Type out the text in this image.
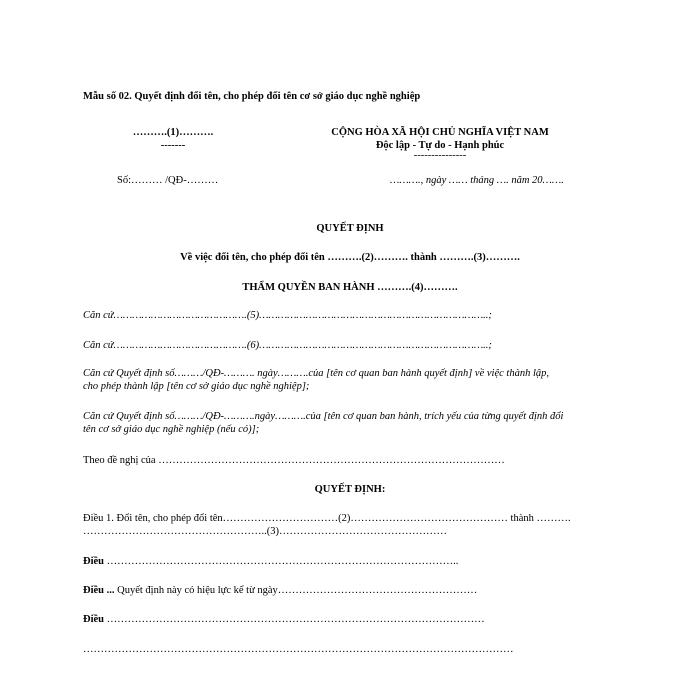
Mẫu số 02. Quyết định đổi tên, cho phép đổi tên cơ sở giáo dục nghề nghiệp
……….(1)……….
-------
CỘNG HÒA XÃ HỘI CHỦ NGHĨA VIỆT NAM
Độc lập - Tự do - Hạnh phúc
---------------
Số:……… /QĐ-………	………., ngày …… tháng …. năm 20…….
QUYẾT ĐỊNH
Về việc đổi tên, cho phép đổi tên ……….(2)………. thành ……….(3)……….
THẨM QUYỀN BAN HÀNH ……….(4)……….
Căn cứ…………………………………….(5)………………………………………………………………..;
Căn cứ…………………………………….(6)………………………………………………………………..;
Căn cứ Quyết định số………/QĐ-………. ngày……….của [tên cơ quan ban hành quyết định] về việc thành lập,
cho phép thành lập [tên cơ sở giáo dục nghề nghiệp];
Căn cứ Quyết định số………/QĐ-……….ngày……….của [tên cơ quan ban hành, trích yếu của từng quyết định đổi
tên cơ sở giáo dục nghề nghiệp (nếu có)];
Theo đề nghị của ………………………………………………………………………………………
QUYẾT ĐỊNH:
Điều 1. Đổi tên, cho phép đổi tên……………………………(2)……………………………………… thành ……….
……………………………………………..(3)…………………………………………
Điều ………………………………………………………………………………………..
Điều ... Quyết định này có hiệu lực kể từ ngày…………………………………………………
Điều ………………………………………………………………………………………………
……………………………………………………………………………………………………………
